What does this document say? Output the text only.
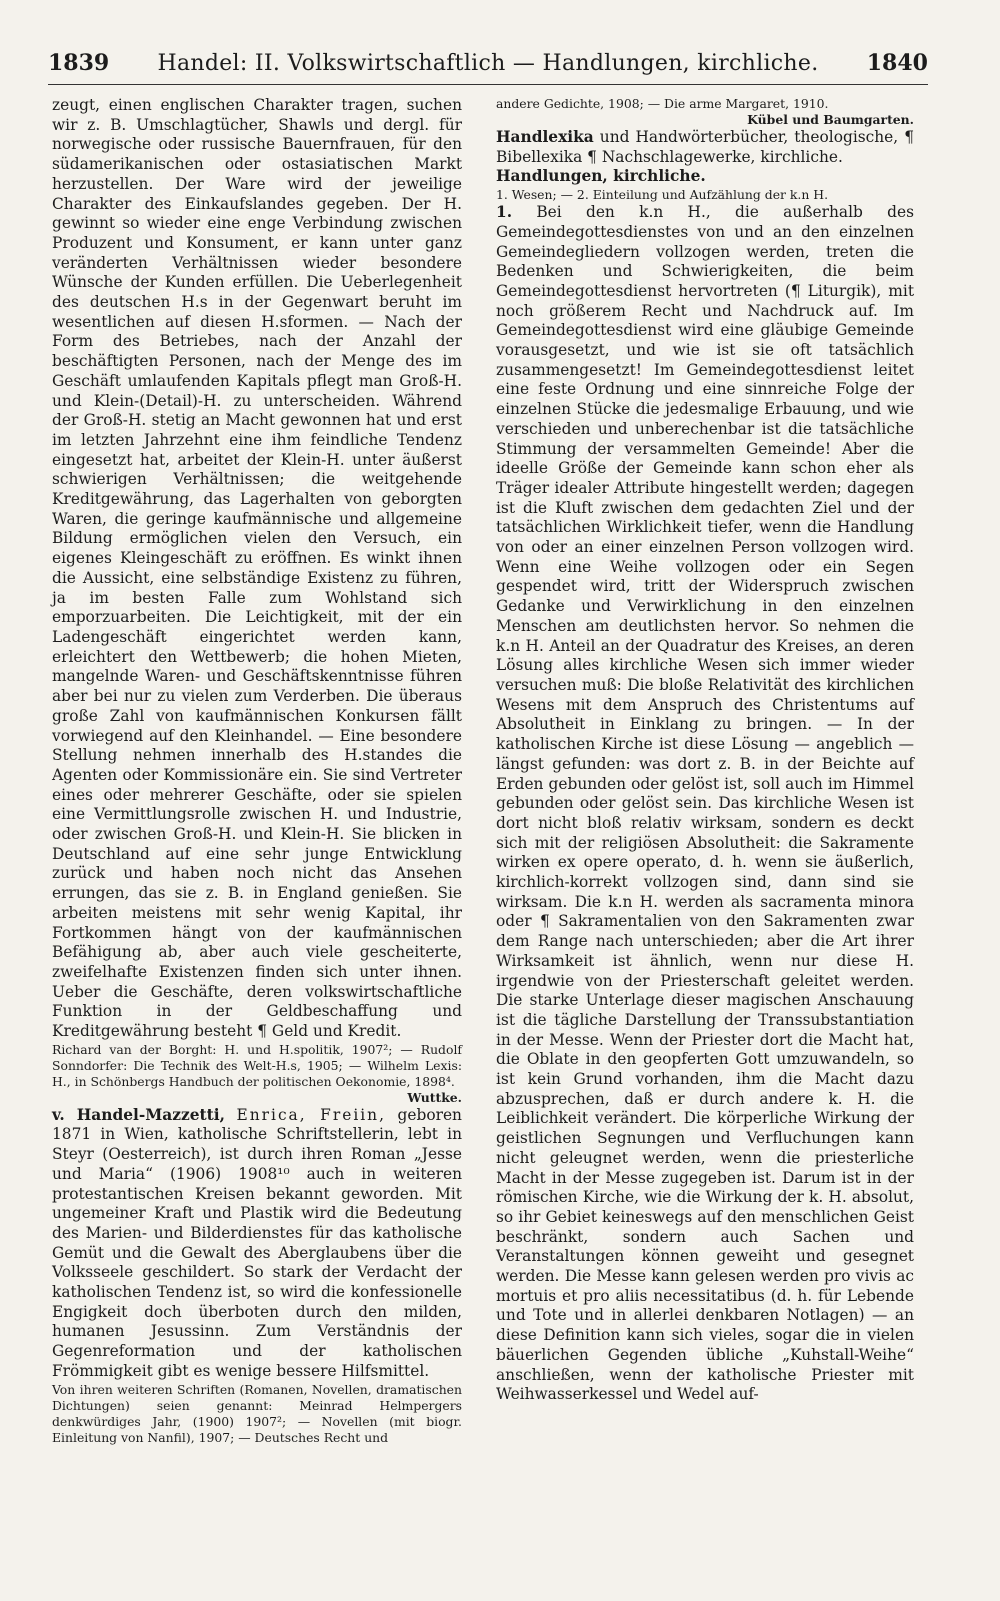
1839 Handel: II. Volkswirtschaftlich — Handlungen, kirchliche. 1840

zeugt, einen englischen Charakter tragen, suchen wir z. B. Umschlagtücher, Shawls und dergl. für norwegische oder russische Bauernfrauen, für den südamerikanischen oder ostasiatischen Markt herzustellen. Der Ware wird der jeweilige Charakter des Einkaufslandes gegeben. Der H. gewinnt so wieder eine enge Verbindung zwischen Produzent und Konsument, er kann unter ganz veränderten Verhältnissen wieder besondere Wünsche der Kunden erfüllen. Die Ueberlegenheit des deutschen H.s in der Gegenwart beruht im wesentlichen auf diesen H.sformen. — Nach der Form des Betriebes, nach der Anzahl der beschäftigten Personen, nach der Menge des im Geschäft umlaufenden Kapitals pflegt man Groß-H. und Klein-(Detail)-H. zu unterscheiden. Während der Groß-H. stetig an Macht gewonnen hat und erst im letzten Jahrzehnt eine ihm feindliche Tendenz eingesetzt hat, arbeitet der Klein-H. unter äußerst schwierigen Verhältnissen; die weitgehende Kreditgewährung, das Lagerhalten von geborgten Waren, die geringe kaufmännische und allgemeine Bildung ermöglichen vielen den Versuch, ein eigenes Kleingeschäft zu eröffnen. Es winkt ihnen die Aussicht, eine selbständige Existenz zu führen, ja im besten Falle zum Wohlstand sich emporzuarbeiten. Die Leichtigkeit, mit der ein Ladengeschäft eingerichtet werden kann, erleichtert den Wettbewerb; die hohen Mieten, mangelnde Waren- und Geschäftskenntnisse führen aber bei nur zu vielen zum Verderben. Die überaus große Zahl von kaufmännischen Konkursen fällt vorwiegend auf den Kleinhandel. — Eine besondere Stellung nehmen innerhalb des H.standes die Agenten oder Kommissionäre ein. Sie sind Vertreter eines oder mehrerer Geschäfte, oder sie spielen eine Vermittlungsrolle zwischen H. und Industrie, oder zwischen Groß-H. und Klein-H. Sie blicken in Deutschland auf eine sehr junge Entwicklung zurück und haben noch nicht das Ansehen errungen, das sie z. B. in England genießen. Sie arbeiten meistens mit sehr wenig Kapital, ihr Fortkommen hängt von der kaufmännischen Befähigung ab, aber auch viele gescheiterte, zweifelhafte Existenzen finden sich unter ihnen. Ueber die Geschäfte, deren volkswirtschaftliche Funktion in der Geldbeschaffung und Kreditgewährung besteht ¶ Geld und Kredit.

Richard van der Borght: H. und H.spolitik, 1907²; — Rudolf Sonndorfer: Die Technik des Welt-H.s, 1905; — Wilhelm Lexis: H., in Schönbergs Handbuch der politischen Oekonomie, 1898⁴.

Wuttke.

v. Handel-Mazzetti, Enrica, Freiin, geboren 1871 in Wien, katholische Schriftstellerin, lebt in Steyr (Oesterreich), ist durch ihren Roman „Jesse und Maria“ (1906) 1908¹⁰ auch in weiteren protestantischen Kreisen bekannt geworden. Mit ungemeiner Kraft und Plastik wird die Bedeutung des Marien- und Bilderdienstes für das katholische Gemüt und die Gewalt des Aberglaubens über die Volksseele geschildert. So stark der Verdacht der katholischen Tendenz ist, so wird die konfessionelle Engigkeit doch überboten durch den milden, humanen Jesussinn. Zum Verständnis der Gegenreformation und der katholischen Frömmigkeit gibt es wenige bessere Hilfsmittel.

Von ihren weiteren Schriften (Romanen, Novellen, dramatischen Dichtungen) seien genannt: Meinrad Helmpergers denkwürdiges Jahr, (1900) 1907²; — Novellen (mit biogr. Einleitung von Nanfil), 1907; — Deutsches Recht und

andere Gedichte, 1908; — Die arme Margaret, 1910.

Kübel und Baumgarten.

Handlexika und Handwörterbücher, theologische, ¶ Bibellexika ¶ Nachschlagewerke, kirchliche.

Handlungen, kirchliche.

1. Wesen; — 2. Einteilung und Aufzählung der k.n H.

1. Bei den k.n H., die außerhalb des Gemeindegottesdienstes von und an den einzelnen Gemeindegliedern vollzogen werden, treten die Bedenken und Schwierigkeiten, die beim Gemeindegottesdienst hervortreten (¶ Liturgik), mit noch größerem Recht und Nachdruck auf. Im Gemeindegottesdienst wird eine gläubige Gemeinde vorausgesetzt, und wie ist sie oft tatsächlich zusammengesetzt! Im Gemeindegottesdienst leitet eine feste Ordnung und eine sinnreiche Folge der einzelnen Stücke die jedesmalige Erbauung, und wie verschieden und unberechenbar ist die tatsächliche Stimmung der versammelten Gemeinde! Aber die ideelle Größe der Gemeinde kann schon eher als Träger idealer Attribute hingestellt werden; dagegen ist die Kluft zwischen dem gedachten Ziel und der tatsächlichen Wirklichkeit tiefer, wenn die Handlung von oder an einer einzelnen Person vollzogen wird. Wenn eine Weihe vollzogen oder ein Segen gespendet wird, tritt der Widerspruch zwischen Gedanke und Verwirklichung in den einzelnen Menschen am deutlichsten hervor. So nehmen die k.n H. Anteil an der Quadratur des Kreises, an deren Lösung alles kirchliche Wesen sich immer wieder versuchen muß: Die bloße Relativität des kirchlichen Wesens mit dem Anspruch des Christentums auf Absolutheit in Einklang zu bringen. — In der katholischen Kirche ist diese Lösung — angeblich — längst gefunden: was dort z. B. in der Beichte auf Erden gebunden oder gelöst ist, soll auch im Himmel gebunden oder gelöst sein. Das kirchliche Wesen ist dort nicht bloß relativ wirksam, sondern es deckt sich mit der religiösen Absolutheit: die Sakramente wirken ex opere operato, d. h. wenn sie äußerlich, kirchlich-korrekt vollzogen sind, dann sind sie wirksam. Die k.n H. werden als sacramenta minora oder ¶ Sakramentalien von den Sakramenten zwar dem Range nach unterschieden; aber die Art ihrer Wirksamkeit ist ähnlich, wenn nur diese H. irgendwie von der Priesterschaft geleitet werden. Die starke Unterlage dieser magischen Anschauung ist die tägliche Darstellung der Transsubstantiation in der Messe. Wenn der Priester dort die Macht hat, die Oblate in den geopferten Gott umzuwandeln, so ist kein Grund vorhanden, ihm die Macht dazu abzusprechen, daß er durch andere k. H. die Leiblichkeit verändert. Die körperliche Wirkung der geistlichen Segnungen und Verfluchungen kann nicht geleugnet werden, wenn die priesterliche Macht in der Messe zugegeben ist. Darum ist in der römischen Kirche, wie die Wirkung der k. H. absolut, so ihr Gebiet keineswegs auf den menschlichen Geist beschränkt, sondern auch Sachen und Veranstaltungen können geweiht und gesegnet werden. Die Messe kann gelesen werden pro vivis ac mortuis et pro aliis necessitatibus (d. h. für Lebende und Tote und in allerlei denkbaren Notlagen) — an diese Definition kann sich vieles, sogar die in vielen bäuerlichen Gegenden übliche „Kuhstall-Weihe“ anschließen, wenn der katholische Priester mit Weihwasserkessel und Wedel auf-
